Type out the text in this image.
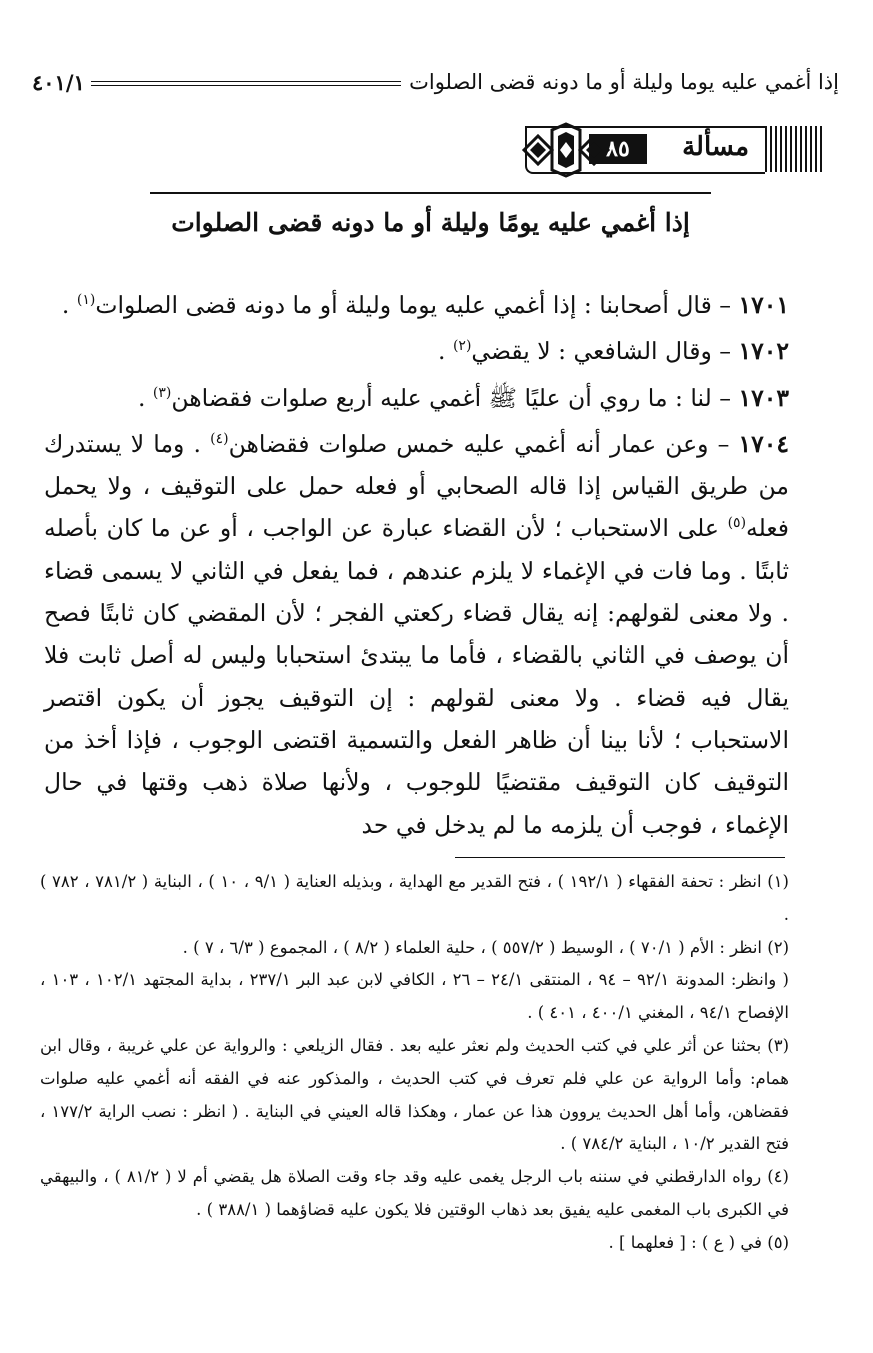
إذا أغمي عليه يوما وليلة أو ما دونه قضى الصلوات
٤٠١/١
مسألة
٨٥
إذا أغمي عليه يومًا وليلة أو ما دونه قضى الصلوات

١٧٠١ – قال أصحابنا : إذا أغمي عليه يوما وليلة أو ما دونه قضى الصلوات$^{(١)}$ .

١٧٠٢ – وقال الشافعي : لا يقضي$^{(٢)}$ .

١٧٠٣ – لنا : ما روي أن عليًا ﷺ أغمي عليه أربع صلوات فقضاهن$^{(٣)}$ .

١٧٠٤ – وعن عمار أنه أغمي عليه خمس صلوات فقضاهن$^{(٤)}$ . وما لا يستدرك من طريق القياس إذا قاله الصحابي أو فعله حمل على التوقيف ، ولا يحمل فعله$^{(٥)}$ على الاستحباب ؛ لأن القضاء عبارة عن الواجب ، أو عن ما كان بأصله ثابتًا . وما فات في الإغماء لا يلزم عندهم ، فما يفعل في الثاني لا يسمى قضاء . ولا معنى لقولهم: إنه يقال قضاء ركعتي الفجر ؛ لأن المقضي كان ثابتًا فصح أن يوصف في الثاني بالقضاء ، فأما ما يبتدئ استحبابا وليس له أصل ثابت فلا يقال فيه قضاء . ولا معنى لقولهم : إن التوقيف يجوز أن يكون اقتصر الاستحباب ؛ لأنا بينا أن ظاهر الفعل والتسمية اقتضى الوجوب ، فإذا أخذ من التوقيف كان التوقيف مقتضيًا للوجوب ، ولأنها صلاة ذهب وقتها في حال الإغماء ، فوجب أن يلزمه ما لم يدخل في حد

(١) انظر : تحفة الفقهاء ( ١٩٢/١ ) ، فتح القدير مع الهداية ، وبذيله العناية ( ٩/١ ، ١٠ ) ، البناية ( ٧٨١/٢ ، ٧٨٢ ) .

(٢) انظر : الأم ( ٧٠/١ ) ، الوسيط ( ٥٥٧/٢ ) ، حلية العلماء ( ٨/٢ ) ، المجموع ( ٦/٣ ، ٧ ) .

( وانظر: المدونة ٩٢/١ – ٩٤ ، المنتقى ٢٤/١ – ٢٦ ، الكافي لابن عبد البر ٢٣٧/١ ، بداية المجتهد ١٠٢/١ ، ١٠٣ ، الإفصاح ٩٤/١ ، المغني ٤٠٠/١ ، ٤٠١ ) .

(٣) بحثنا عن أثر علي في كتب الحديث ولم نعثر عليه بعد . فقال الزيلعي : والرواية عن علي غريبة ، وقال ابن همام: وأما الرواية عن علي فلم تعرف في كتب الحديث ، والمذكور عنه في الفقه أنه أغمي عليه صلوات فقضاهن، وأما أهل الحديث يروون هذا عن عمار ، وهكذا قاله العيني في البناية . ( انظر : نصب الراية ١٧٧/٢ ، فتح القدير ١٠/٢ ، البناية ٧٨٤/٢ ) .

(٤) رواه الدارقطني في سننه باب الرجل يغمى عليه وقد جاء وقت الصلاة هل يقضي أم لا ( ٨١/٢ ) ، والبيهقي في الكبرى باب المغمى عليه يفيق بعد ذهاب الوقتين فلا يكون عليه قضاؤهما ( ٣٨٨/١ ) .

(٥) في ( ع ) : [ فعلهما ] .
